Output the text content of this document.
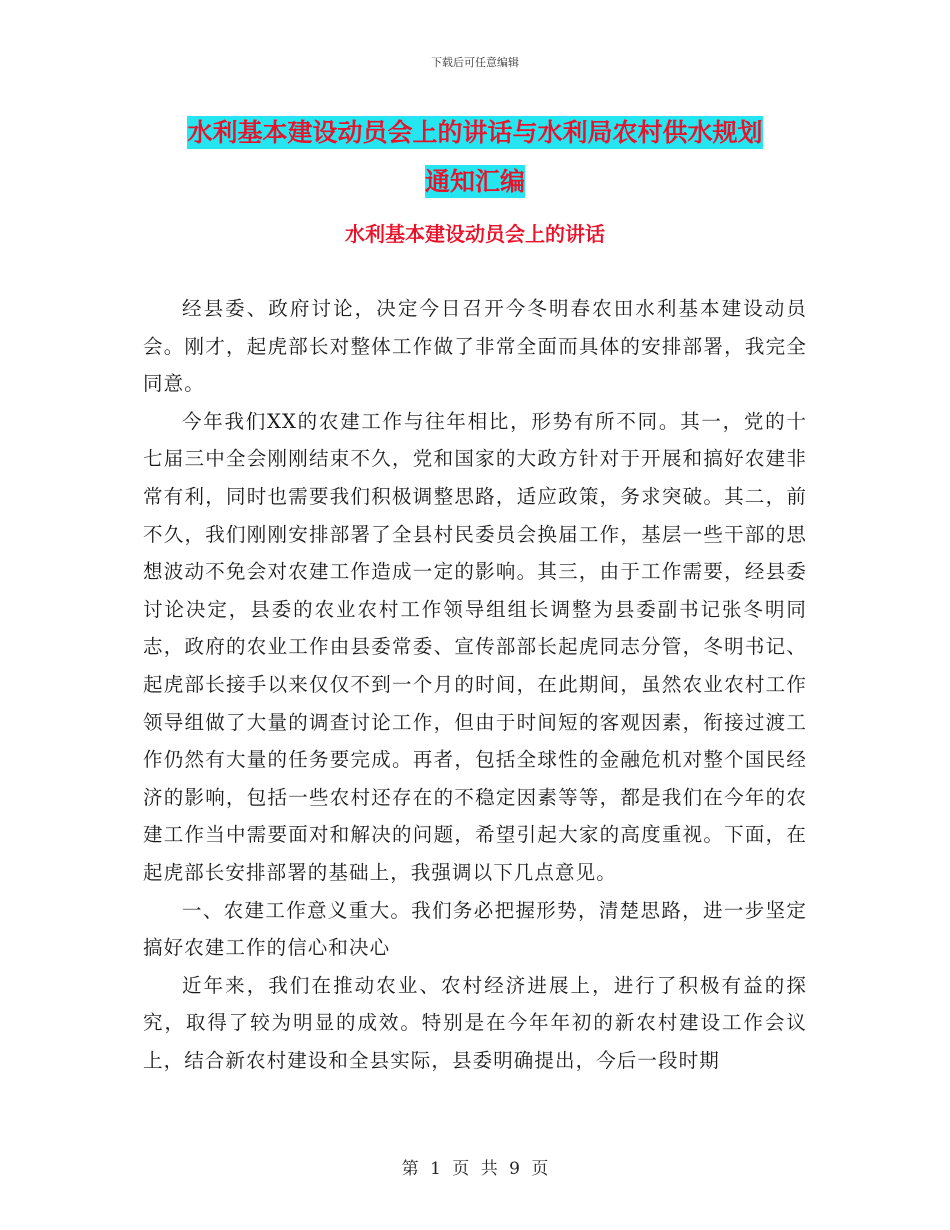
下载后可任意编辑
水利基本建设动员会上的讲话与水利局农村供水规划
通知汇编
水利基本建设动员会上的讲话

经县委、政府讨论，决定今日召开今冬明春农田水利基本建设动员会。刚才，起虎部长对整体工作做了非常全面而具体的安排部署，我完全同意。

今年我们XX的农建工作与往年相比，形势有所不同。其一，党的十七届三中全会刚刚结束不久，党和国家的大政方针对于开展和搞好农建非常有利，同时也需要我们积极调整思路，适应政策，务求突破。其二，前不久，我们刚刚安排部署了全县村民委员会换届工作，基层一些干部的思想波动不免会对农建工作造成一定的影响。其三，由于工作需要，经县委讨论决定，县委的农业农村工作领导组组长调整为县委副书记张冬明同志，政府的农业工作由县委常委、宣传部部长起虎同志分管，冬明书记、起虎部长接手以来仅仅不到一个月的时间，在此期间，虽然农业农村工作领导组做了大量的调查讨论工作，但由于时间短的客观因素，衔接过渡工作仍然有大量的任务要完成。再者，包括全球性的金融危机对整个国民经济的影响，包括一些农村还存在的不稳定因素等等，都是我们在今年的农建工作当中需要面对和解决的问题，希望引起大家的高度重视。下面，在起虎部长安排部署的基础上，我强调以下几点意见。

一、农建工作意义重大。我们务必把握形势，清楚思路，进一步坚定搞好农建工作的信心和决心

近年来，我们在推动农业、农村经济进展上，进行了积极有益的探究，取得了较为明显的成效。特别是在今年年初的新农村建设工作会议上，结合新农村建设和全县实际，县委明确提出，今后一段时期

第 1 页 共 9 页
